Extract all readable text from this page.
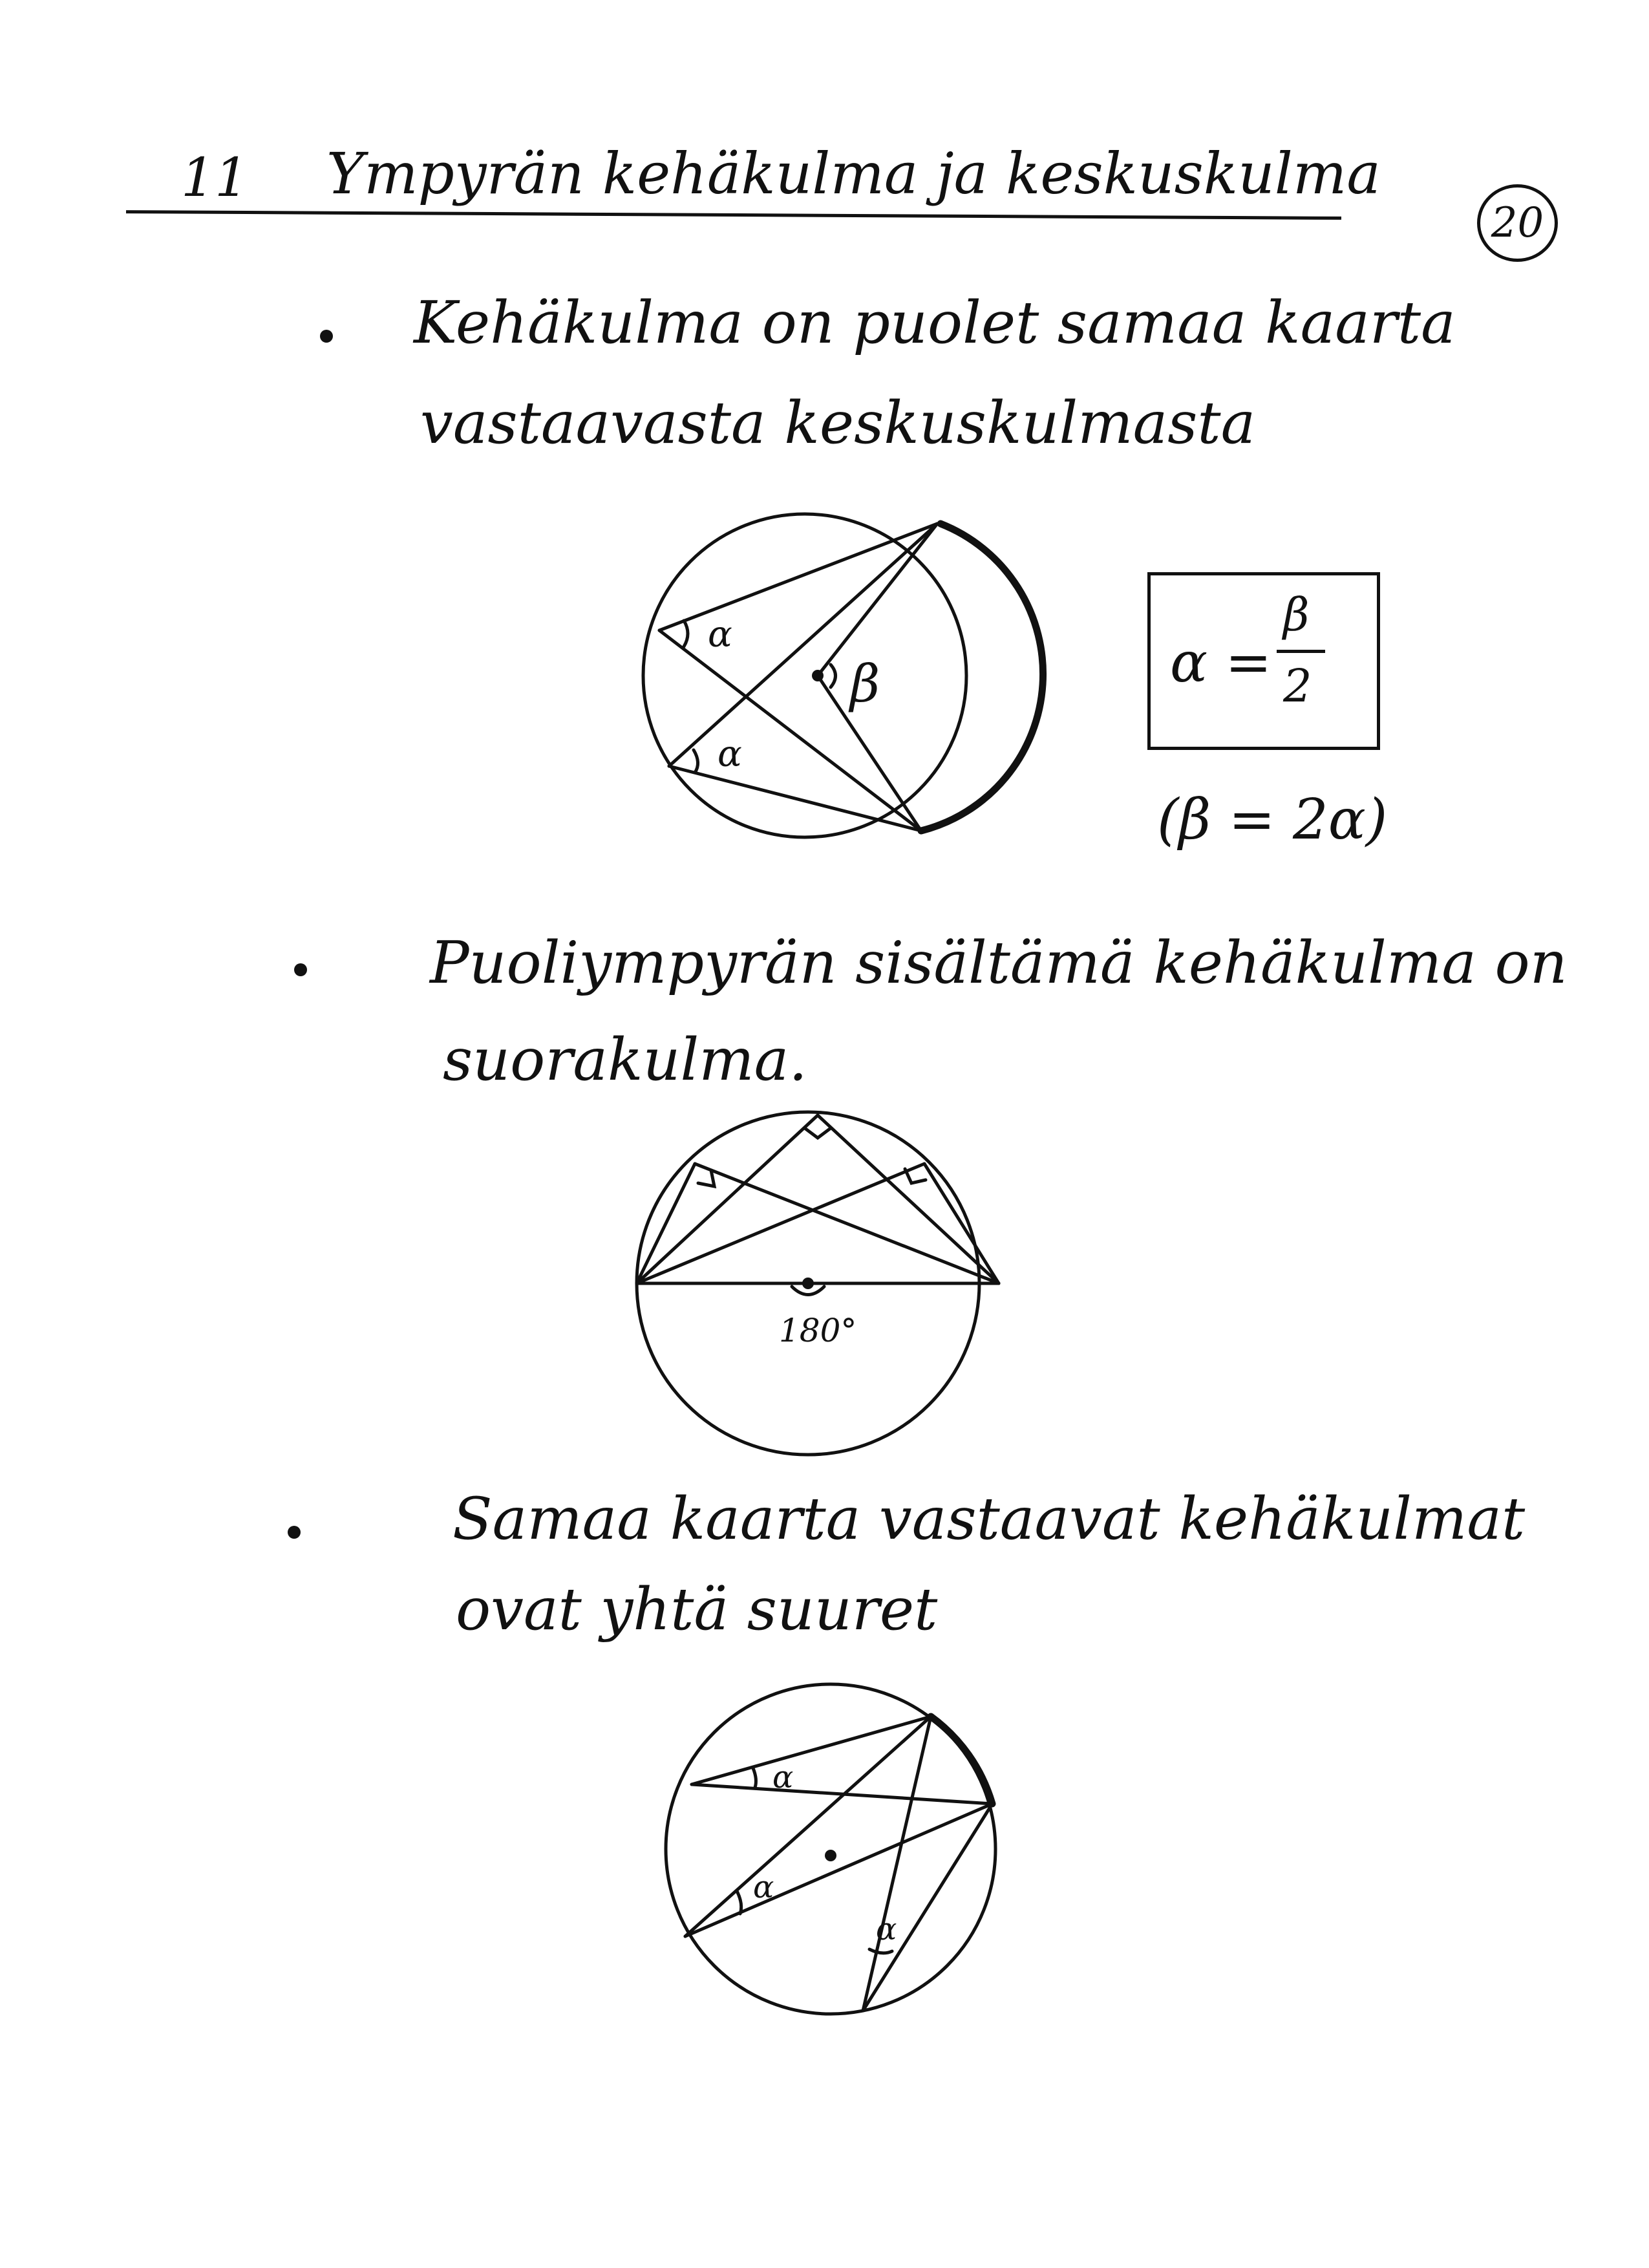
11 Ympyrän kehäkulma ja keskuskulma
20
Kehäkulma on puolet samaa kaarta
vastaavasta keskuskulmasta
α
α
β	α =
β
2
(β = 2α)
Puoliympyrän sisältämä kehäkulma on
suorakulma.
180°
Samaa kaarta vastaavat kehäkulmat
ovat yhtä suuret
α
α
α
